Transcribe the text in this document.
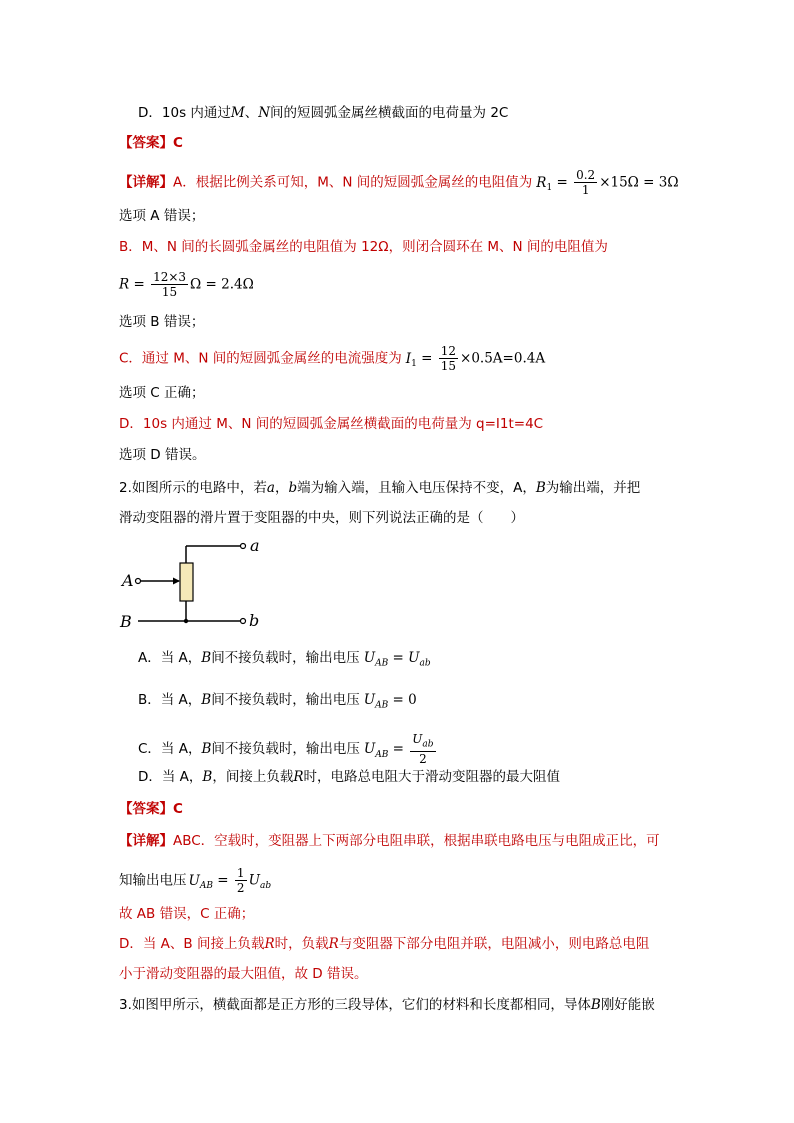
D．10s 内通过M、N间的短圆弧金属丝横截面的电荷量为 2C
【答案】C
【详解】A．根据比例关系可知，M、N 间的短圆弧金属丝的电阻值为 $R_1 = \frac{0.2}{1} \times 15\Omega = 3\Omega$
选项 A 错误；
B．M、N 间的长圆弧金属丝的电阻值为 12Ω，则闭合圆环在 M、N 间的电阻值为
$R = \frac{12\times 3}{15}$ Ω = 2.4Ω
选项 B 错误；
C．通过 M、N 间的短圆弧金属丝的电流强度为 $I_1 = \frac{12}{15} \times 0.5A=0.4A$
选项 C 正确；
D．10s 内通过 M、N 间的短圆弧金属丝横截面的电荷量为 q=I1t=4C
选项 D 错误。
2.如图所示的电路中，若a，b端为输入端，且输入电压保持不变，A，B为输出端，并把
滑动变阻器的滑片置于变阻器的中央，则下列说法正确的是（　　）
A
B
a
b
A．当 A，B间不接负载时，输出电压 $U_{AB} = U_{ab}$
B．当 A，B间不接负载时，输出电压 $U_{AB} = 0$
C．当 A，B间不接负载时，输出电压 $U_{AB} = \frac{U_{ab}}{2}$
D．当 A，B，间接上负载R时，电路总电阻大于滑动变阻器的最大阻值
【答案】C
【详解】ABC．空载时，变阻器上下两部分电阻串联，根据串联电路电压与电阻成正比，可
知输出电压 $U_{AB} = \frac{1}{2} U_{ab}$
故 AB 错误，C 正确；
D．当 A、B 间接上负载R时，负载R与变阻器下部分电阻并联，电阻减小，则电路总电阻
小于滑动变阻器的最大阻值，故 D 错误。
3.如图甲所示，横截面都是正方形的三段导体，它们的材料和长度都相同，导体B刚好能嵌
